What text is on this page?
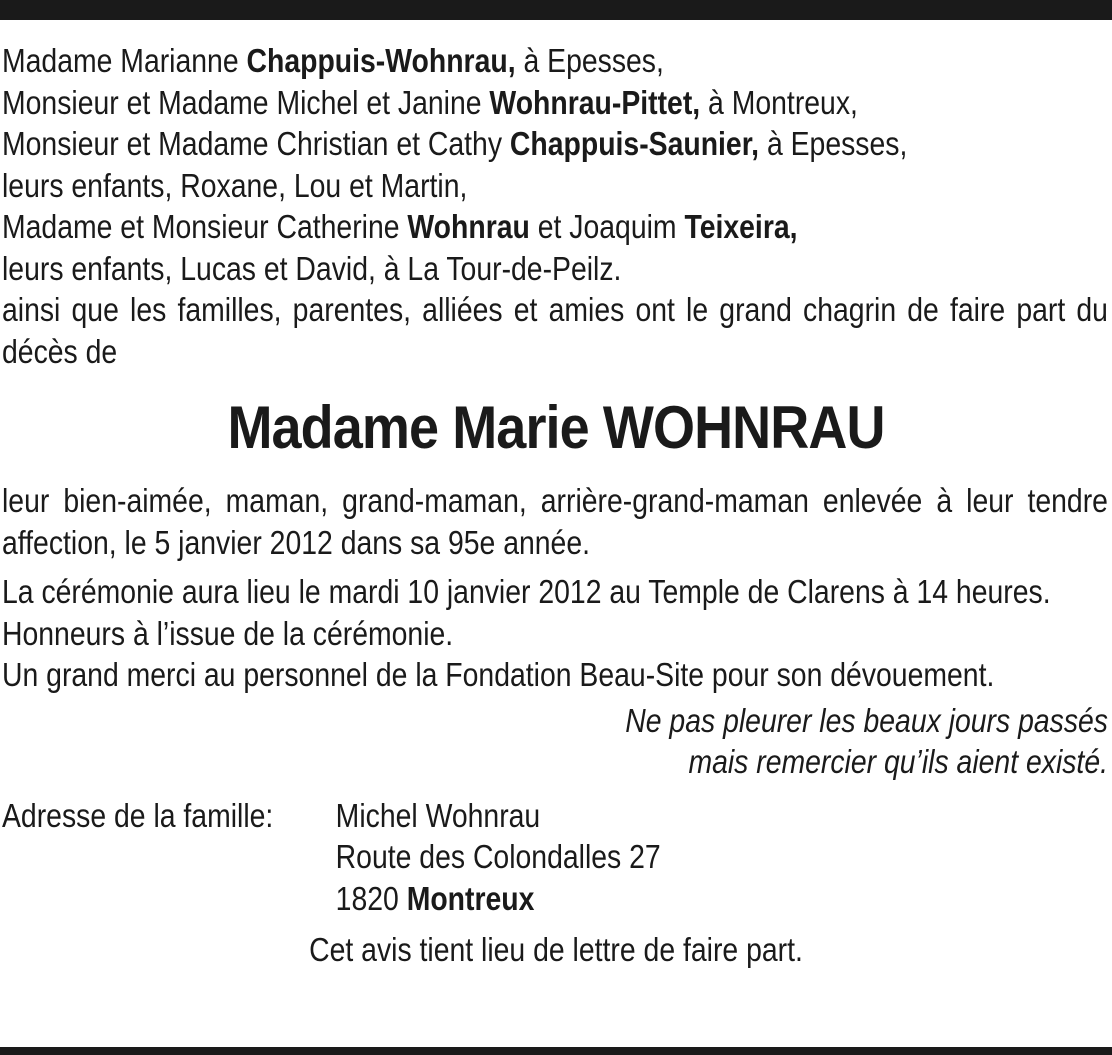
Madame Marianne Chappuis-Wohnrau, à Epesses,
Monsieur et Madame Michel et Janine Wohnrau-Pittet, à Montreux,
Monsieur et Madame Christian et Cathy Chappuis-Saunier, à Epesses,
leurs enfants, Roxane, Lou et Martin,
Madame et Monsieur Catherine Wohnrau et Joaquim Teixeira,
leurs enfants, Lucas et David, à La Tour-de-Peilz.
ainsi que les familles, parentes, alliées et amies ont le grand chagrin de faire part du décès de
Madame Marie WOHNRAU
leur bien-aimée, maman, grand-maman, arrière-grand-maman enlevée à leur tendre affection, le 5 janvier 2012 dans sa 95e année.
La cérémonie aura lieu le mardi 10 janvier 2012 au Temple de Clarens à 14 heures.
Honneurs à l’issue de la cérémonie.
Un grand merci au personnel de la Fondation Beau-Site pour son dévouement.
Ne pas pleurer les beaux jours passés
mais remercier qu’ils aient existé.
Adresse de la famille:	Michel Wohnrau
Route des Colondalles 27
1820 Montreux
Cet avis tient lieu de lettre de faire part.
